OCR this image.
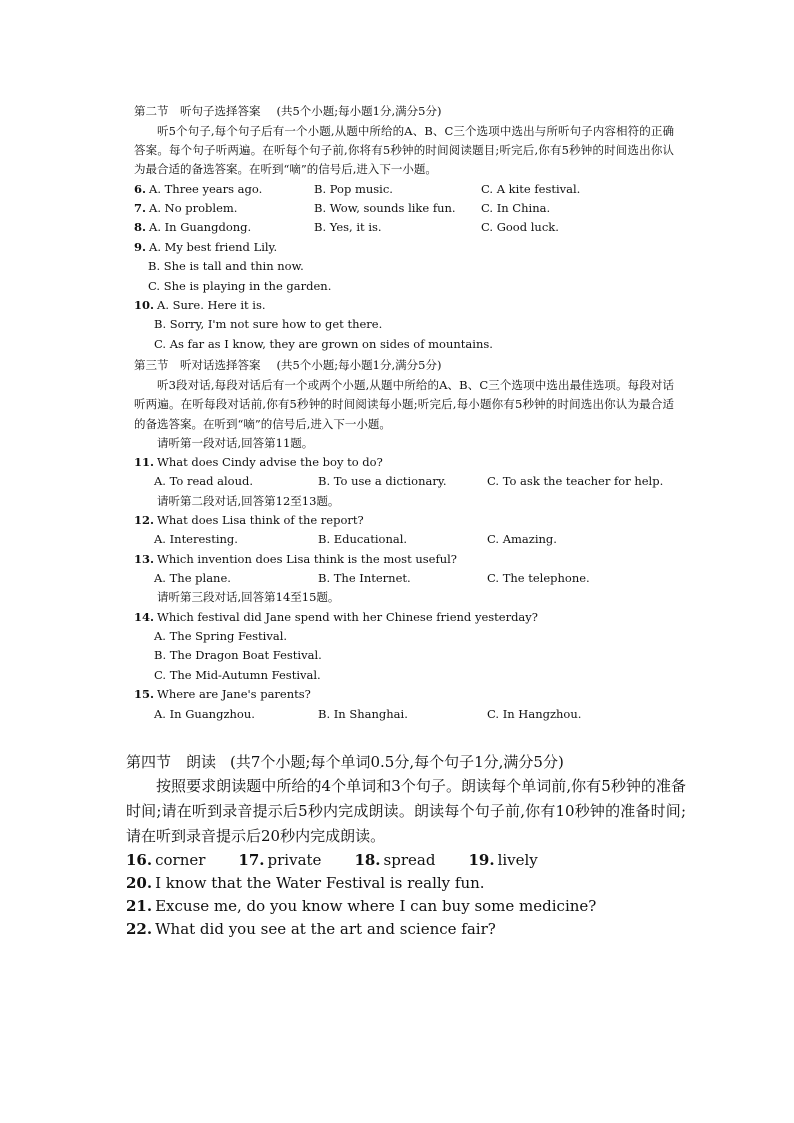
第二节　听句子选择答案 (共5个小题;每小题1分,满分5分)

听5个句子,每个句子后有一个小题,从题中所给的A、B、C三个选项中选出与所听句子内容相符的正确答案。每个句子听两遍。在听每个句子前,你将有5秒钟的时间阅读题目;听完后,你有5秒钟的时间选出你认为最合适的备选答案。在听到“嘀”的信号后,进入下一小题。

6. A. Three years ago.	B. Pop music.	C. A kite festival.
7. A. No problem.	B. Wow, sounds like fun.	C. In China.
8. A. In Guangdong.	B. Yes, it is.	C. Good luck.
9. A. My best friend Lily.
B. She is tall and thin now.
C. She is playing in the garden.
10. A. Sure. Here it is.
B. Sorry, I'm not sure how to get there.
C. As far as I know, they are grown on sides of mountains.
第三节　听对话选择答案 (共5个小题;每小题1分,满分5分)

听3段对话,每段对话后有一个或两个小题,从题中所给的A、B、C三个选项中选出最佳选项。每段对话听两遍。在听每段对话前,你有5秒钟的时间阅读每小题;听完后,每小题你有5秒钟的时间选出你认为最合适的备选答案。在听到“嘀”的信号后,进入下一小题。

请听第一段对话,回答第11题。

11. What does Cindy advise the boy to do?
A. To read aloud.	B. To use a dictionary.	C. To ask the teacher for help.

请听第二段对话,回答第12至13题。

12. What does Lisa think of the report?
A. Interesting.	B. Educational.	C. Amazing.
13. Which invention does Lisa think is the most useful?
A. The plane.	B. The Internet.	C. The telephone.

请听第三段对话,回答第14至15题。

14. Which festival did Jane spend with her Chinese friend yesterday?
A. The Spring Festival.
B. The Dragon Boat Festival.
C. The Mid-Autumn Festival.
15. Where are Jane's parents?
A. In Guangzhou.	B. In Shanghai.	C. In Hangzhou.
第四节　朗读 (共7个小题;每个单词0.5分,每个句子1分,满分5分)

按照要求朗读题中所给的4个单词和3个句子。朗读每个单词前,你有5秒钟的准备时间;请在听到录音提示后5秒内完成朗读。朗读每个句子前,你有10秒钟的准备时间;请在听到录音提示后20秒内完成朗读。

16. corner 17. private 18. spread 19. lively
20. I know that the Water Festival is really fun.
21. Excuse me, do you know where I can buy some medicine?
22. What did you see at the art and science fair?
